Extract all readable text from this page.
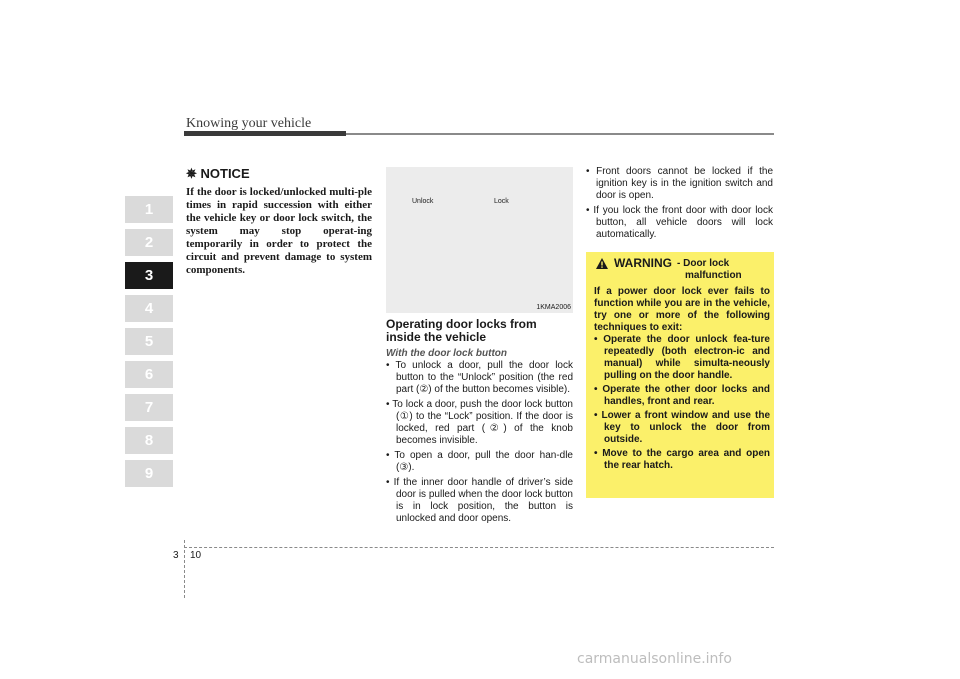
Knowing your vehicle
1
2
3
4
5
6
7
8
9
✵ NOTICE
If the door is locked/unlocked multi-ple times in rapid succession with either the vehicle key or door lock switch, the system may stop operat-ing temporarily in order to protect the circuit and prevent damage to system components.
Unlock	Lock
1KMA2006
Operating door locks from inside the vehicle
With the door lock button
• To unlock a door, pull the door lock button to the “Unlock” position (the red part (②) of the button becomes visible).
• To lock a door, push the door lock button (①) to the “Lock” position. If the door is locked, red part (②) of the knob becomes invisible.
• To open a door, pull the door han-dle (③).
• If the inner door handle of driver’s side door is pulled when the door lock button is in lock position, the button is unlocked and door opens.
• Front doors cannot be locked if the ignition key is in the ignition switch and door is open.
• If you lock the front door with door lock button, all vehicle doors will lock automatically.
WARNING - Door lock
malfunction
If a power door lock ever fails to function while you are in the vehicle, try one or more of the following techniques to exit:
• Operate the door unlock fea-ture repeatedly (both electron-ic and manual) while simulta-neously pulling on the door handle.
• Operate the other door locks and handles, front and rear.
• Lower a front window and use the key to unlock the door from outside.
• Move to the cargo area and open the rear hatch.
3 10
carmanualsonline.info
